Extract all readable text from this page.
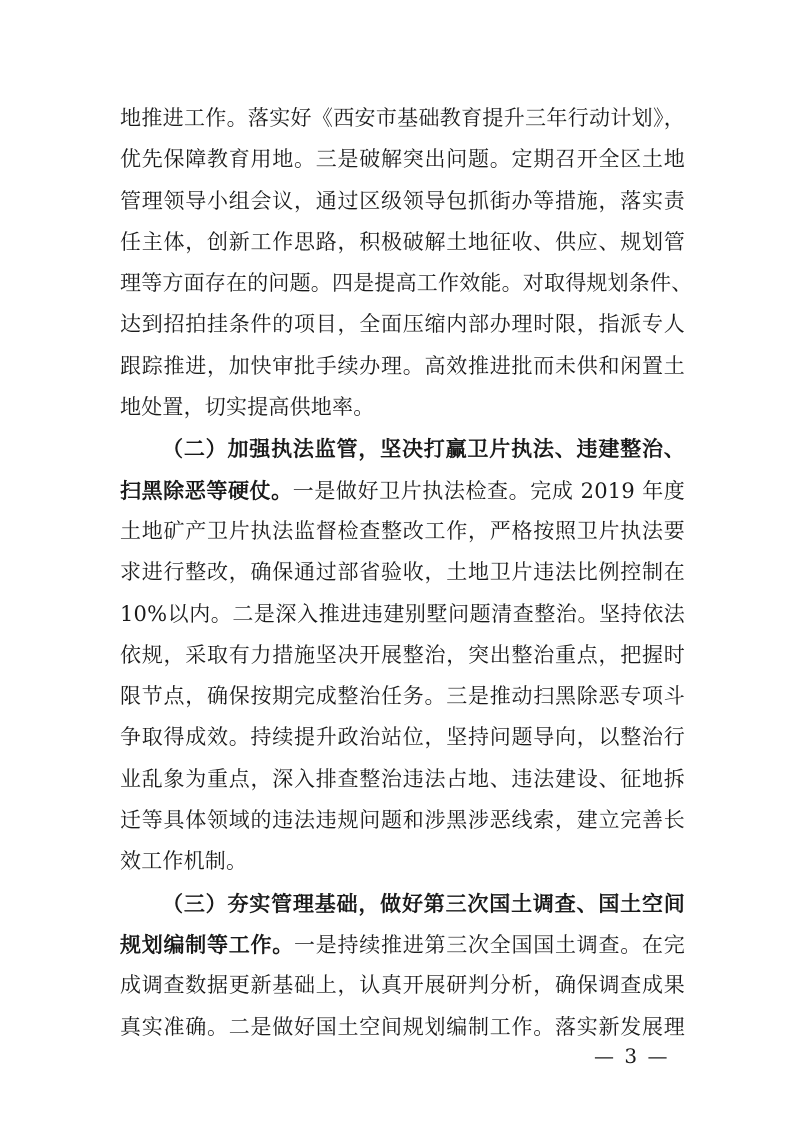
地推进工作。落实好《西安市基础教育提升三年行动计划》，
优先保障教育用地。三是破解突出问题。定期召开全区土地
管理领导小组会议，通过区级领导包抓街办等措施，落实责
任主体，创新工作思路，积极破解土地征收、供应、规划管
理等方面存在的问题。四是提高工作效能。对取得规划条件、
达到招拍挂条件的项目，全面压缩内部办理时限，指派专人
跟踪推进，加快审批手续办理。高效推进批而未供和闲置土
地处置，切实提高供地率。
（二）加强执法监管，坚决打赢卫片执法、违建整治、
扫黑除恶等硬仗。一是做好卫片执法检查。完成 2019 年度
土地矿产卫片执法监督检查整改工作，严格按照卫片执法要
求进行整改，确保通过部省验收，土地卫片违法比例控制在
10%以内。二是深入推进违建别墅问题清查整治。坚持依法
依规，采取有力措施坚决开展整治，突出整治重点，把握时
限节点，确保按期完成整治任务。三是推动扫黑除恶专项斗
争取得成效。持续提升政治站位，坚持问题导向，以整治行
业乱象为重点，深入排查整治违法占地、违法建设、征地拆
迁等具体领域的违法违规问题和涉黑涉恶线索，建立完善长
效工作机制。
（三）夯实管理基础，做好第三次国土调查、国土空间
规划编制等工作。一是持续推进第三次全国国土调查。在完
成调查数据更新基础上，认真开展研判分析，确保调查成果
真实准确。二是做好国土空间规划编制工作。落实新发展理
— 3 —
